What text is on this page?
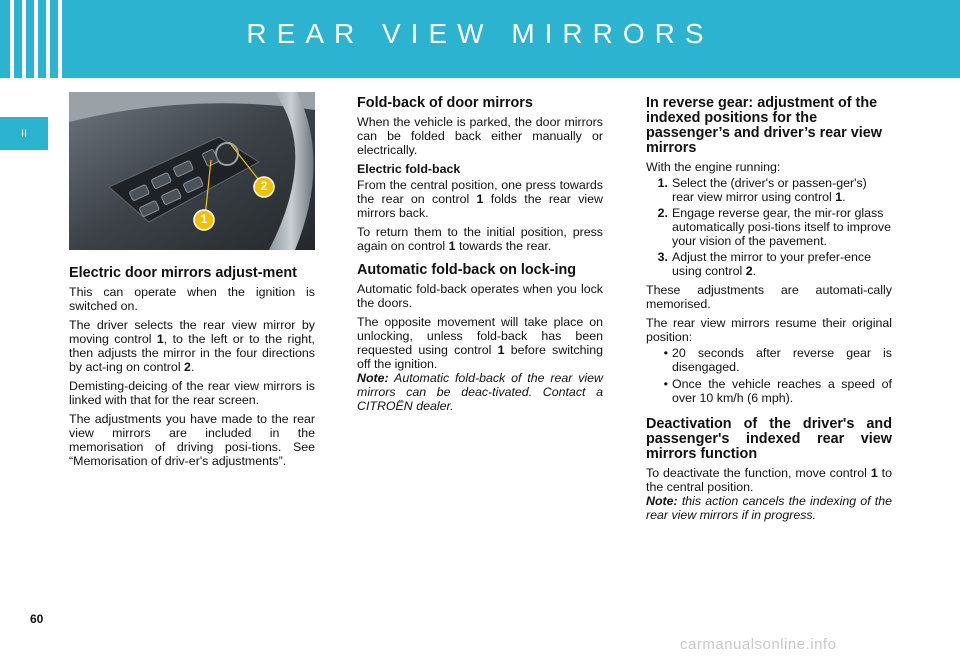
REAR VIEW MIRRORS
II
1
2
Electric door mirrors adjust-ment

This can operate when the ignition is switched on.

The driver selects the rear view mirror by moving control 1, to the left or to the right, then adjusts the mirror in the four directions by act-ing on control 2.

Demisting-deicing of the rear view mirrors is linked with that for the rear screen.

The adjustments you have made to the rear view mirrors are included in the memorisation of driving posi-tions. See “Memorisation of driv-er's adjustments”.

Fold-back of door mirrors

When the vehicle is parked, the door mirrors can be folded back either manually or electrically.

Electric fold-back

From the central position, one press towards the rear on control 1 folds the rear view mirrors back.

To return them to the initial position, press again on control 1 towards the rear.

Automatic fold-back on lock-ing

Automatic fold-back operates when you lock the doors.

The opposite movement will take place on unlocking, unless fold-back has been requested using control 1 before switching off the ignition.

Note: Automatic fold-back of the rear view mirrors can be deac-tivated. Contact a CITROËN dealer.

In reverse gear: adjustment of the indexed positions for the passenger’s and driver’s rear view mirrors

With the engine running:

1. Select the (driver's or passen-ger's) rear view mirror using control 1.
2. Engage reverse gear, the mir-ror glass automatically posi-tions itself to improve your vision of the pavement.
3. Adjust the mirror to your prefer-ence using control 2.

These adjustments are automati-cally memorised.

The rear view mirrors resume their original position:

• 20 seconds after reverse gear is disengaged.
• Once the vehicle reaches a speed of over 10 km/h (6 mph).
Deactivation of the driver's and passenger's indexed rear view mirrors function

To deactivate the function, move control 1 to the central position.

Note: this action cancels the indexing of the rear view mirrors if in progress.

60
carmanualsonline.info
